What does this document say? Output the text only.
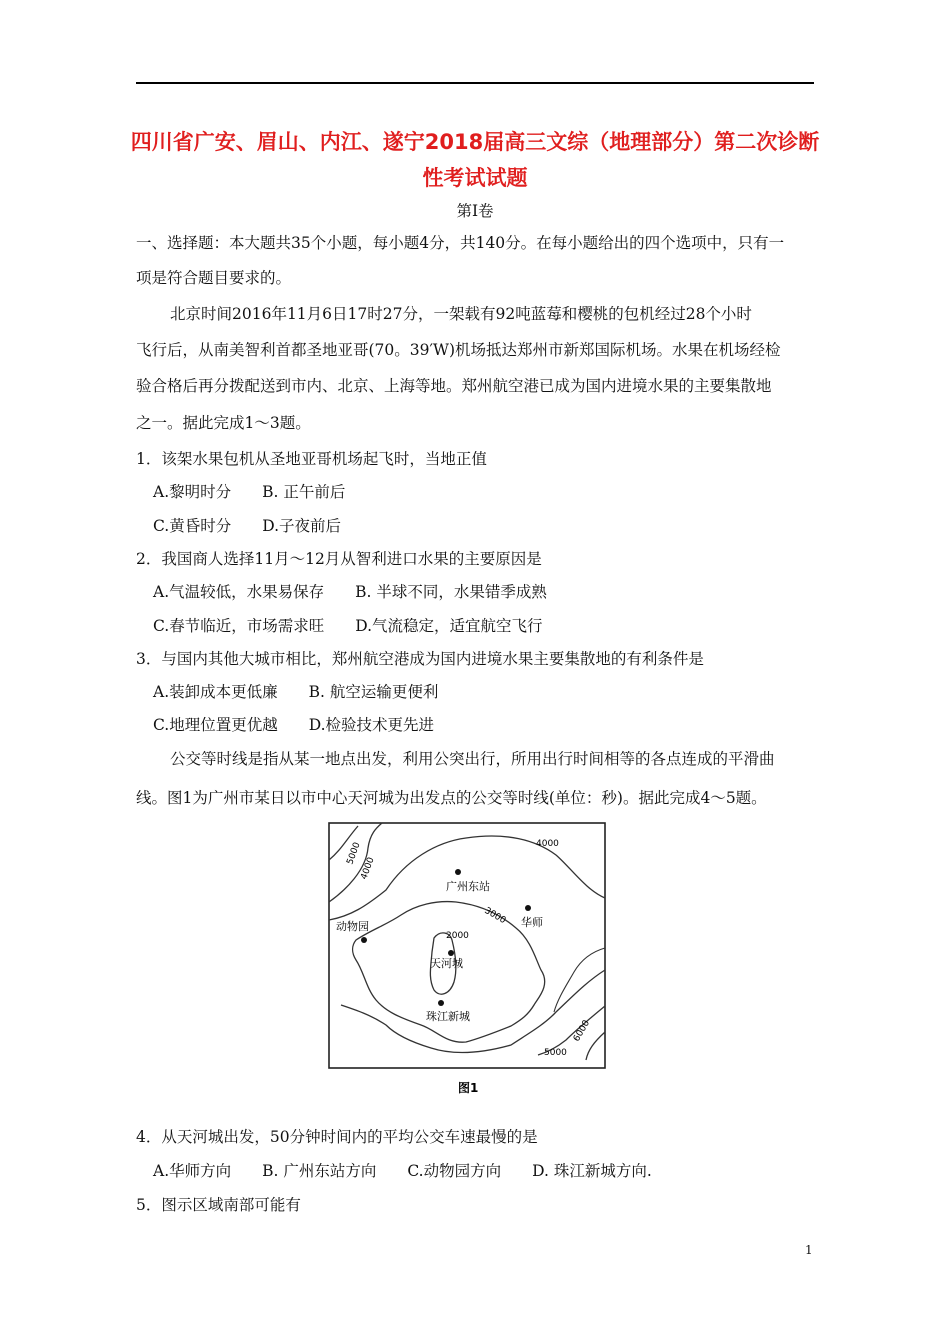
四川省广安、眉山、内江、遂宁2018届高三文综（地理部分）第二次诊断
性考试试题
第Ⅰ卷
一、选择题：本大题共35个小题，每小题4分，共140分。在每小题给出的四个选项中，只有一
项是符合题目要求的。
北京时间2016年11月6日17时27分，一架载有92吨蓝莓和樱桃的包机经过28个小时
飞行后，从南美智利首都圣地亚哥(70。39′W)机场抵达郑州市新郑国际机场。水果在机场经检
验合格后再分拨配送到市内、北京、上海等地。郑州航空港已成为国内进境水果的主要集散地
之一。据此完成1～3题。
1．该架水果包机从圣地亚哥机场起飞时，当地正值
A.黎明时分　　B. 正午前后
C.黄昏时分　　D.子夜前后
2．我国商人选择11月～12月从智利进口水果的主要原因是
A.气温较低，水果易保存　　B. 半球不同，水果错季成熟
C.春节临近，市场需求旺　　D.气流稳定，适宜航空飞行
3．与国内其他大城市相比，郑州航空港成为国内进境水果主要集散地的有利条件是
A.装卸成本更低廉　　B. 航空运输更便利
C.地理位置更优越　　D.检验技术更先进
公交等时线是指从某一地点出发，利用公突出行，所用出行时间相等的各点连成的平滑曲
线。图1为广州市某日以市中心天河城为出发点的公交等时线(单位：秒)。据此完成4～5题。
广州东站
华师
动物园
天河城
珠江新城
2000
3000
4000
4000
5000
5000
6000
图1
4．从天河城出发，50分钟时间内的平均公交车速最慢的是
A.华师方向　　B. 广州东站方向　　C.动物园方向　　D. 珠江新城方向.
5．图示区域南部可能有
1
